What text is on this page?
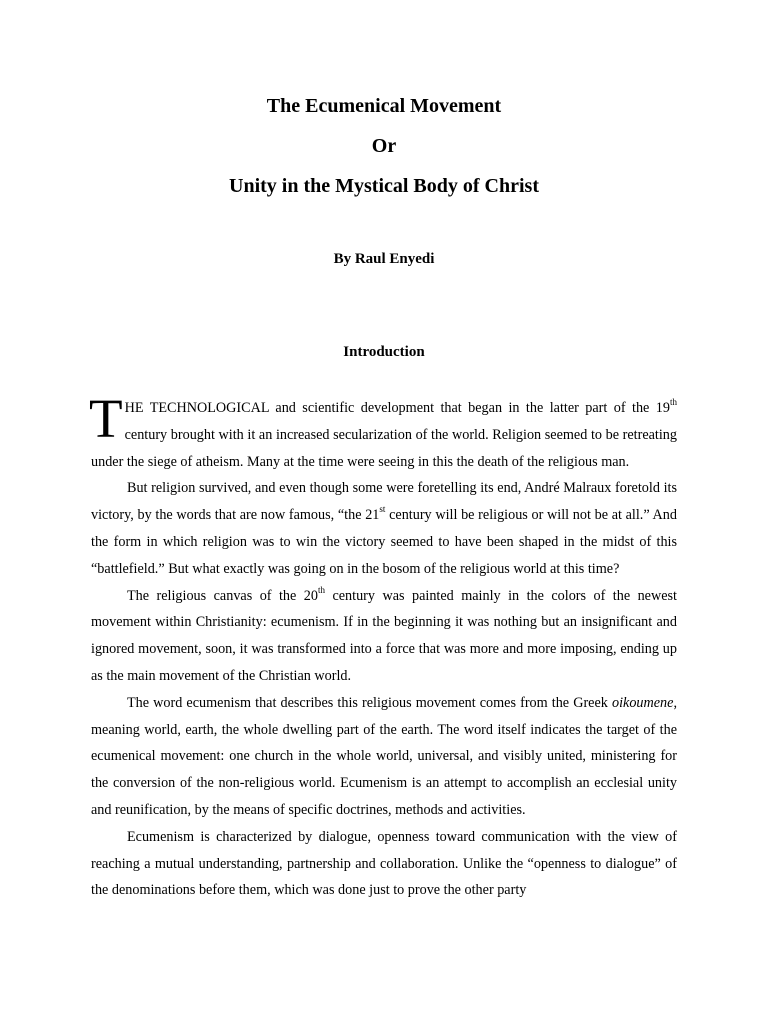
The Ecumenical Movement
Or
Unity in the Mystical Body of Christ
By Raul Enyedi
Introduction

THE TECHNOLOGICAL and scientific development that began in the latter part of the 19th century brought with it an increased secularization of the world. Religion seemed to be retreating under the siege of atheism. Many at the time were seeing in this the death of the religious man.

But religion survived, and even though some were foretelling its end, André Malraux foretold its victory, by the words that are now famous, “the 21st century will be religious or will not be at all.” And the form in which religion was to win the victory seemed to have been shaped in the midst of this “battlefield.” But what exactly was going on in the bosom of the religious world at this time?

The religious canvas of the 20th century was painted mainly in the colors of the newest movement within Christianity: ecumenism. If in the beginning it was nothing but an insignificant and ignored movement, soon, it was transformed into a force that was more and more imposing, ending up as the main movement of the Christian world.

The word ecumenism that describes this religious movement comes from the Greek oikoumene, meaning world, earth, the whole dwelling part of the earth. The word itself indicates the target of the ecumenical movement: one church in the whole world, universal, and visibly united, ministering for the conversion of the non-religious world. Ecumenism is an attempt to accomplish an ecclesial unity and reunification, by the means of specific doctrines, methods and activities.

Ecumenism is characterized by dialogue, openness toward communication with the view of reaching a mutual understanding, partnership and collaboration. Unlike the “openness to dialogue” of the denominations before them, which was done just to prove the other party
